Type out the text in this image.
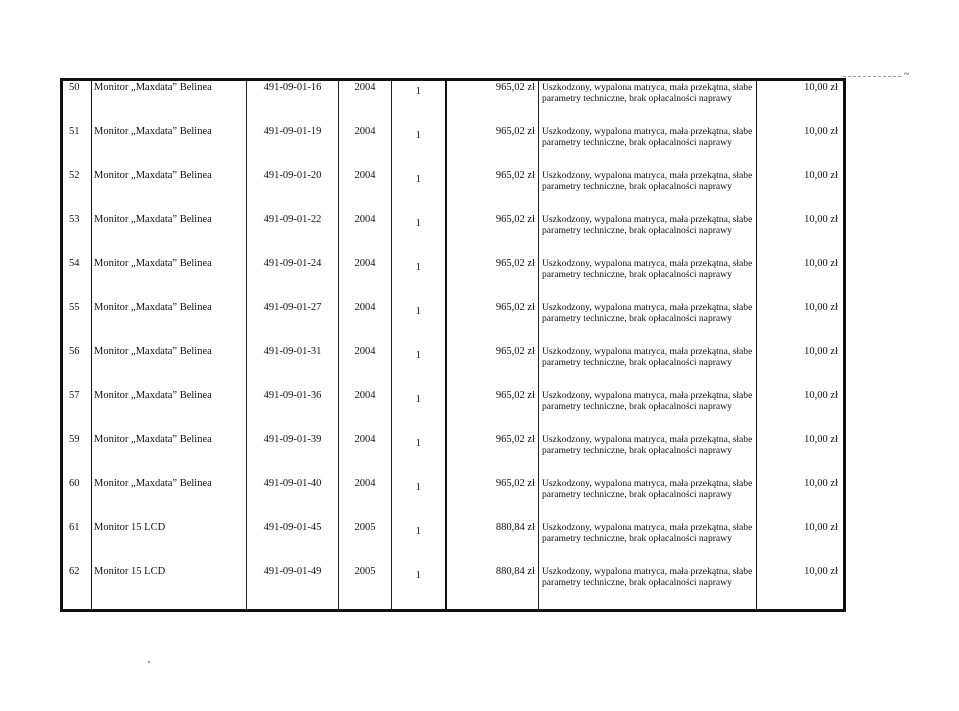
~
50	Monitor „Maxdata” Belinea	491-09-01-16	2004	1	965,02 zł	Uszkodzony, wypalona matryca, mała przekątna, słabe parametry techniczne, brak opłacalności naprawy	10,00 zł
51	Monitor „Maxdata” Belinea	491-09-01-19	2004	1	965,02 zł	Uszkodzony, wypalona matryca, mała przekątna, słabe parametry techniczne, brak opłacalności naprawy	10,00 zł
52	Monitor „Maxdata” Belinea	491-09-01-20	2004	1	965,02 zł	Uszkodzony, wypalona matryca, mała przekątna, słabe parametry techniczne, brak opłacalności naprawy	10,00 zł
53	Monitor „Maxdata” Belinea	491-09-01-22	2004	1	965,02 zł	Uszkodzony, wypalona matryca, mała przekątna, słabe parametry techniczne, brak opłacalności naprawy	10,00 zł
54	Monitor „Maxdata” Belinea	491-09-01-24	2004	1	965,02 zł	Uszkodzony, wypalona matryca, mała przekątna, słabe parametry techniczne, brak opłacalności naprawy	10,00 zł
55	Monitor „Maxdata” Belinea	491-09-01-27	2004	1	965,02 zł	Uszkodzony, wypalona matryca, mała przekątna, słabe parametry techniczne, brak opłacalności naprawy	10,00 zł
56	Monitor „Maxdata” Belinea	491-09-01-31	2004	1	965,02 zł	Uszkodzony, wypalona matryca, mała przekątna, słabe parametry techniczne, brak opłacalności naprawy	10,00 zł
57	Monitor „Maxdata” Belinea	491-09-01-36	2004	1	965,02 zł	Uszkodzony, wypalona matryca, mała przekątna, słabe parametry techniczne, brak opłacalności naprawy	10,00 zł
59	Monitor „Maxdata” Belinea	491-09-01-39	2004	1	965,02 zł	Uszkodzony, wypalona matryca, mała przekątna, słabe parametry techniczne, brak opłacalności naprawy	10,00 zł
60	Monitor „Maxdata” Belinea	491-09-01-40	2004	1	965,02 zł	Uszkodzony, wypalona matryca, mała przekątna, słabe parametry techniczne, brak opłacalności naprawy	10,00 zł
61	Monitor 15 LCD	491-09-01-45	2005	1	880,84 zł	Uszkodzony, wypalona matryca, mała przekątna, słabe parametry techniczne, brak opłacalności naprawy	10,00 zł
62	Monitor 15 LCD	491-09-01-49	2005	1	880,84 zł	Uszkodzony, wypalona matryca, mała przekątna, słabe parametry techniczne, brak opłacalności naprawy	10,00 zł
